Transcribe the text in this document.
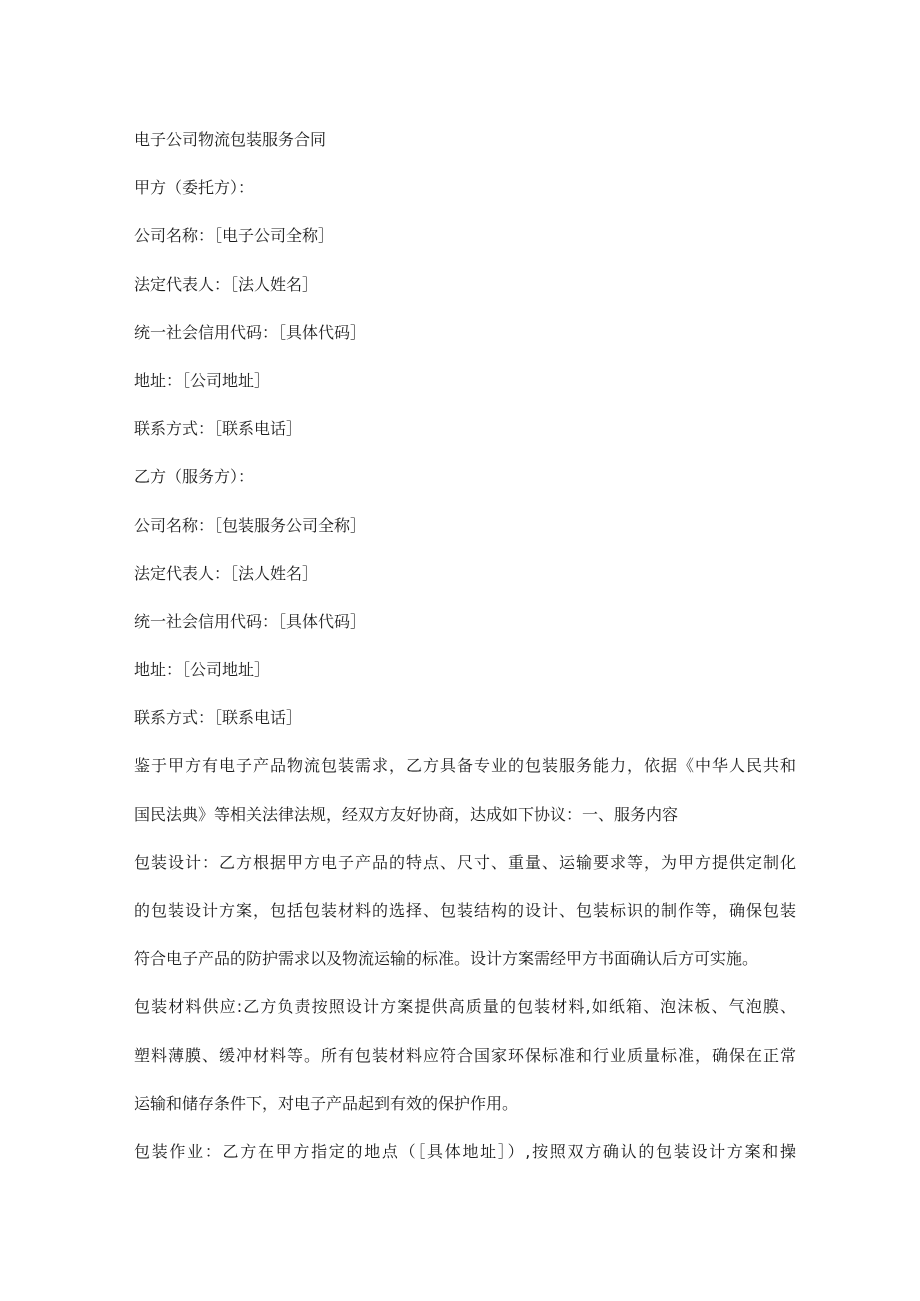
电子公司物流包装服务合同

甲方（委托方）：

公司名称：［电子公司全称］

法定代表人：［法人姓名］

统一社会信用代码：［具体代码］

地址：［公司地址］

联系方式：［联系电话］

乙方（服务方）：

公司名称：［包装服务公司全称］

法定代表人：［法人姓名］

统一社会信用代码：［具体代码］

地址：［公司地址］

联系方式：［联系电话］

鉴于甲方有电子产品物流包装需求，乙方具备专业的包装服务能力，依据《中华人民共和

国民法典》等相关法律法规，经双方友好协商，达成如下协议：一、服务内容

包装设计：乙方根据甲方电子产品的特点、尺寸、重量、运输要求等，为甲方提供定制化

的包装设计方案，包括包装材料的选择、包装结构的设计、包装标识的制作等，确保包装

符合电子产品的防护需求以及物流运输的标准。设计方案需经甲方书面确认后方可实施。

包装材料供应:乙方负责按照设计方案提供高质量的包装材料,如纸箱、泡沫板、气泡膜、

塑料薄膜、缓冲材料等。所有包装材料应符合国家环保标准和行业质量标准，确保在正常

运输和储存条件下，对电子产品起到有效的保护作用。

包装作业：乙方在甲方指定的地点（［具体地址］）,按照双方确认的包装设计方案和操
